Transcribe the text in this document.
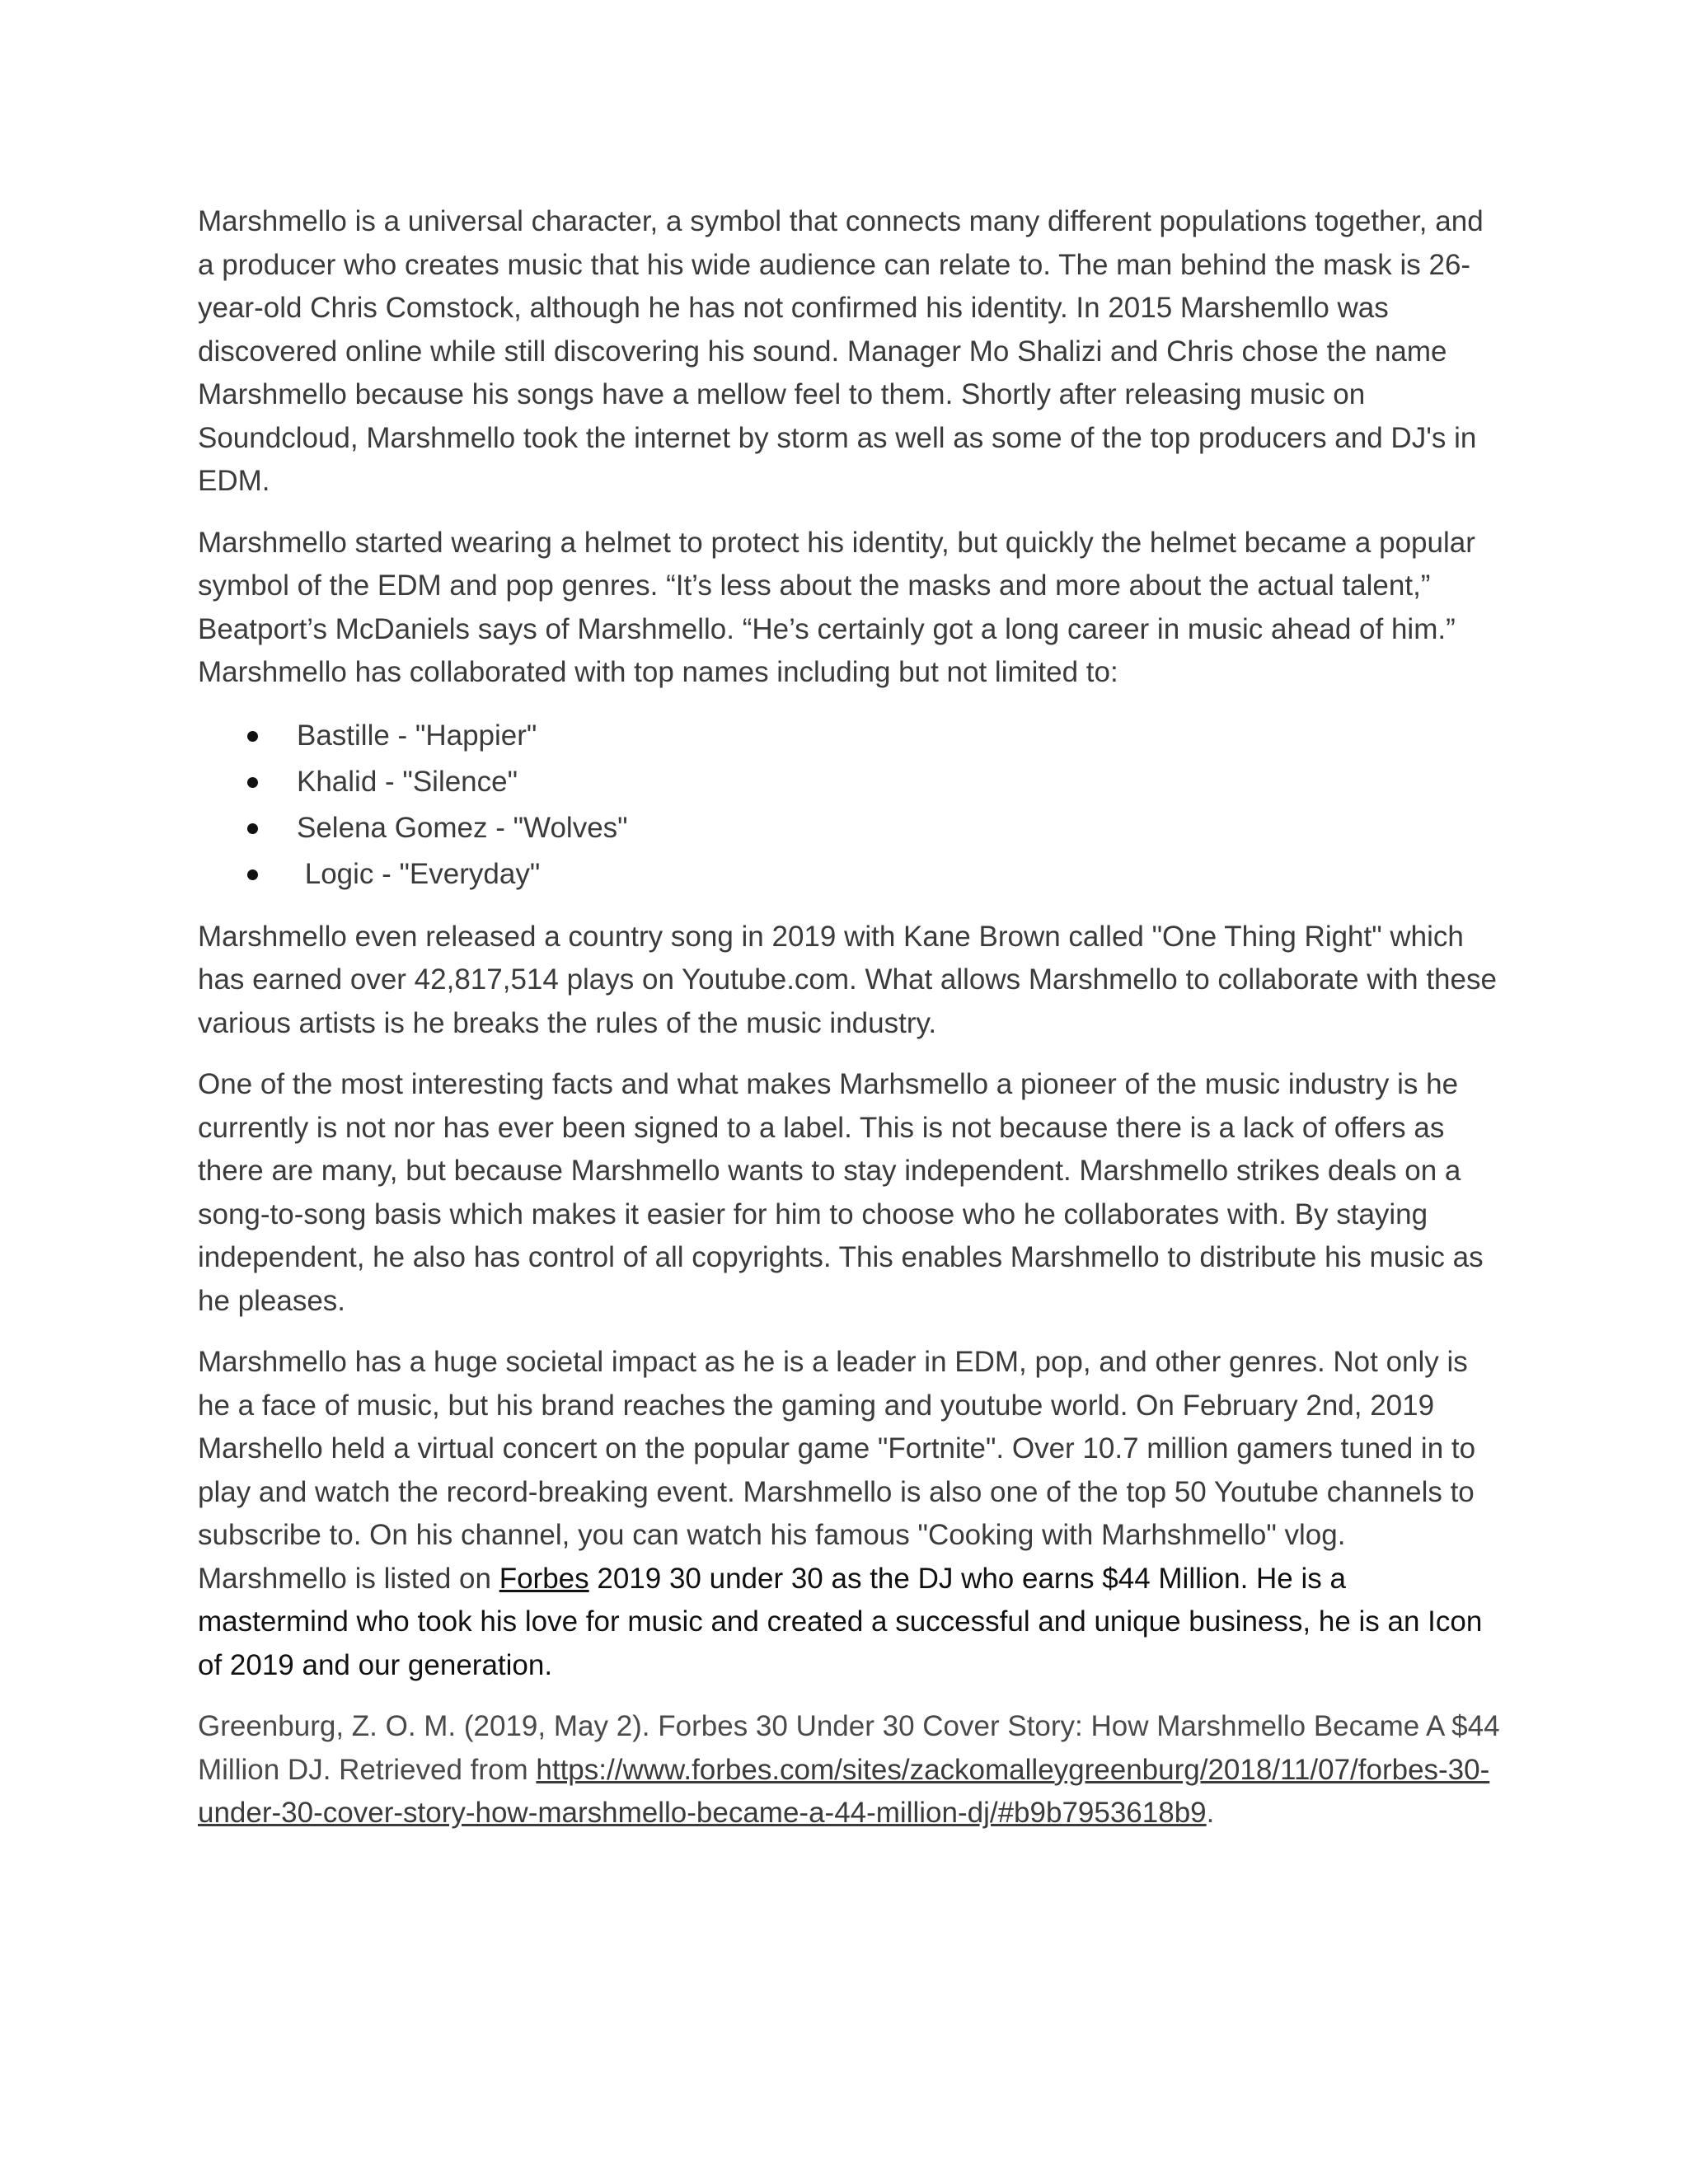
Marshmello is a universal character, a symbol that connects many different populations together, and a producer who creates music that his wide audience can relate to. The man behind the mask is 26-year-old Chris Comstock, although he has not confirmed his identity. In 2015 Marshemllo was discovered online while still discovering his sound. Manager Mo Shalizi and Chris chose the name Marshmello because his songs have a mellow feel to them. Shortly after releasing music on Soundcloud, Marshmello took the internet by storm as well as some of the top producers and DJ's in EDM.

Marshmello started wearing a helmet to protect his identity, but quickly the helmet became a popular symbol of the EDM and pop genres. “It’s less about the masks and more about the actual talent,” Beatport’s McDaniels says of Marshmello. “He’s certainly got a long career in music ahead of him.” Marshmello has collaborated with top names including but not limited to:

Bastille - "Happier"
Khalid - "Silence"
Selena Gomez - "Wolves"
Logic - "Everyday"

Marshmello even released a country song in 2019 with Kane Brown called "One Thing Right" which has earned over 42,817,514 plays on Youtube.com. What allows Marshmello to collaborate with these various artists is he breaks the rules of the music industry.

One of the most interesting facts and what makes Marhsmello a pioneer of the music industry is he currently is not nor has ever been signed to a label. This is not because there is a lack of offers as there are many, but because Marshmello wants to stay independent. Marshmello strikes deals on a song-to-song basis which makes it easier for him to choose who he collaborates with. By staying independent, he also has control of all copyrights. This enables Marshmello to distribute his music as he pleases.

Marshmello has a huge societal impact as he is a leader in EDM, pop, and other genres. Not only is he a face of music, but his brand reaches the gaming and youtube world. On February 2nd, 2019 Marshello held a virtual concert on the popular game "Fortnite". Over 10.7 million gamers tuned in to play and watch the record-breaking event. Marshmello is also one of the top 50 Youtube channels to subscribe to. On his channel, you can watch his famous "Cooking with Marhshmello" vlog. Marshmello is listed on Forbes 2019 30 under 30 as the DJ who earns $44 Million. He is a mastermind who took his love for music and created a successful and unique business, he is an Icon of 2019 and our generation.

Greenburg, Z. O. M. (2019, May 2). Forbes 30 Under 30 Cover Story: How Marshmello Became A $44 Million DJ. Retrieved from https://www.forbes.com/sites/zackomalleygreenburg/2018/11/07/forbes-30-under-30-cover-story-how-marshmello-became-a-44-million-dj/#b9b7953618b9.
